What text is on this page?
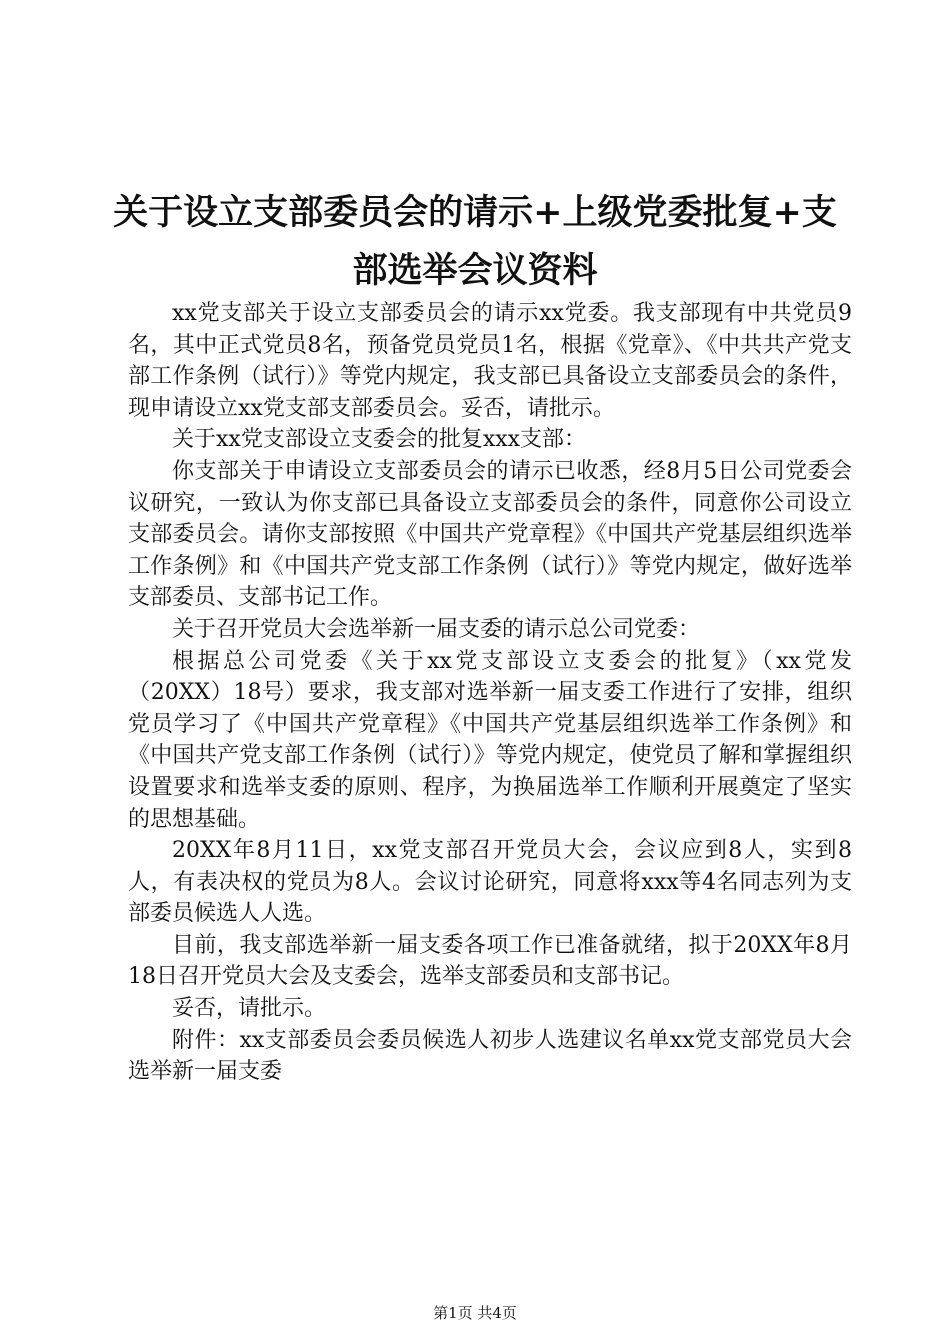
关于设立支部委员会的请示+上级党委批复+支部选举会议资料

xx党支部关于设立支部委员会的请示xx党委。我支部现有中共党员9名，其中正式党员8名，预备党员党员1名，根据《党章》、《中共共产党支部工作条例（试行）》等党内规定，我支部已具备设立支部委员会的条件，现申请设立xx党支部支部委员会。妥否，请批示。

关于xx党支部设立支委会的批复xxx支部：

你支部关于申请设立支部委员会的请示已收悉，经8月5日公司党委会议研究，一致认为你支部已具备设立支部委员会的条件，同意你公司设立支部委员会。请你支部按照《中国共产党章程》《中国共产党基层组织选举工作条例》和《中国共产党支部工作条例（试行）》等党内规定，做好选举支部委员、支部书记工作。

关于召开党员大会选举新一届支委的请示总公司党委：

根据总公司党委《关于xx党支部设立支委会的批复》（xx党发（20XX）18号）要求，我支部对选举新一届支委工作进行了安排，组织党员学习了《中国共产党章程》《中国共产党基层组织选举工作条例》和《中国共产党支部工作条例（试行）》等党内规定，使党员了解和掌握组织设置要求和选举支委的原则、程序，为换届选举工作顺利开展奠定了坚实的思想基础。

20XX年8月11日，xx党支部召开党员大会，会议应到8人，实到8人，有表决权的党员为8人。会议讨论研究，同意将xxx等4名同志列为支部委员候选人人选。

目前，我支部选举新一届支委各项工作已准备就绪，拟于20XX年8月18日召开党员大会及支委会，选举支部委员和支部书记。

妥否，请批示。

附件：xx支部委员会委员候选人初步人选建议名单xx党支部党员大会选举新一届支委

第1页 共4页
